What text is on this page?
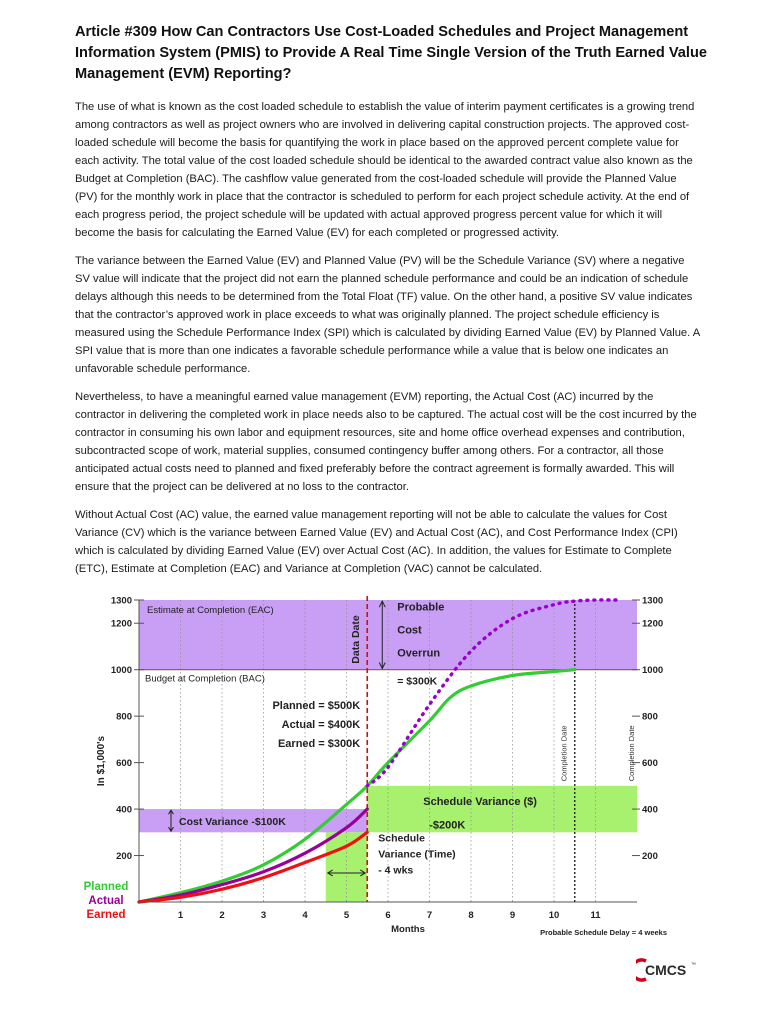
Article #309 How Can Contractors Use Cost-Loaded Schedules and Project Management Information System (PMIS) to Provide A Real Time Single Version of the Truth Earned Value Management (EVM) Reporting?

The use of what is known as the cost loaded schedule to establish the value of interim payment certificates is a growing trend among contractors as well as project owners who are involved in delivering capital construction projects. The approved cost-loaded schedule will become the basis for quantifying the work in place based on the approved percent complete value for each activity. The total value of the cost loaded schedule should be identical to the awarded contract value also known as the Budget at Completion (BAC). The cashflow value generated from the cost-loaded schedule will provide the Planned Value (PV) for the monthly work in place that the contractor is scheduled to perform for each project schedule activity. At the end of each progress period, the project schedule will be updated with actual approved progress percent value for which it will become the basis for calculating the Earned Value (EV) for each completed or progressed activity.

The variance between the Earned Value (EV) and Planned Value (PV) will be the Schedule Variance (SV) where a negative SV value will indicate that the project did not earn the planned schedule performance and could be an indication of schedule delays although this needs to be determined from the Total Float (TF) value. On the other hand, a positive SV value indicates that the contractor’s approved work in place exceeds to what was originally planned. The project schedule efficiency is measured using the Schedule Performance Index (SPI) which is calculated by dividing Earned Value (EV) by Planned Value. A SPI value that is more than one indicates a favorable schedule performance while a value that is below one indicates an unfavorable schedule performance.

Nevertheless, to have a meaningful earned value management (EVM) reporting, the Actual Cost (AC) incurred by the contractor in delivering the completed work in place needs also to be captured. The actual cost will be the cost incurred by the contractor in consuming his own labor and equipment resources, site and home office overhead expenses and contribution, subcontracted scope of work, material supplies, consumed contingency buffer among others. For a contractor, all those anticipated actual costs need to planned and fixed preferably before the contract agreement is formally awarded. This will ensure that the project can be delivered at no loss to the contractor.

Without Actual Cost (AC) value, the earned value management reporting will not be able to calculate the values for Cost Variance (CV) which is the variance between Earned Value (EV) and Actual Cost (AC), and Cost Performance Index (CPI) which is calculated by dividing Earned Value (EV) over Actual Cost (AC). In addition, the values for Estimate to Complete (ETC), Estimate at Completion (EAC) and Variance at Completion (VAC) cannot be calculated.

200	200
400	400
600	600
800	800
1000	1000
1200	1200
1300	1300
1	2	3	4	5	6	7	8	9	10	11
Months
In $1,000's
Estimate at Completion (EAC)
Budget at Completion (BAC)
Cost Variance -$100K
Schedule Variance ($)
-$200K
Data Date
Completion Date	Completion Date
Probable
Cost
Overrun
= $300K
Planned = $500K
Actual = $400K
Earned = $300K
Schedule
Variance (Time)
- 4 wks
Planned
Actual
Earned
Probable Schedule Delay = 4 weeks
CMCS ™
